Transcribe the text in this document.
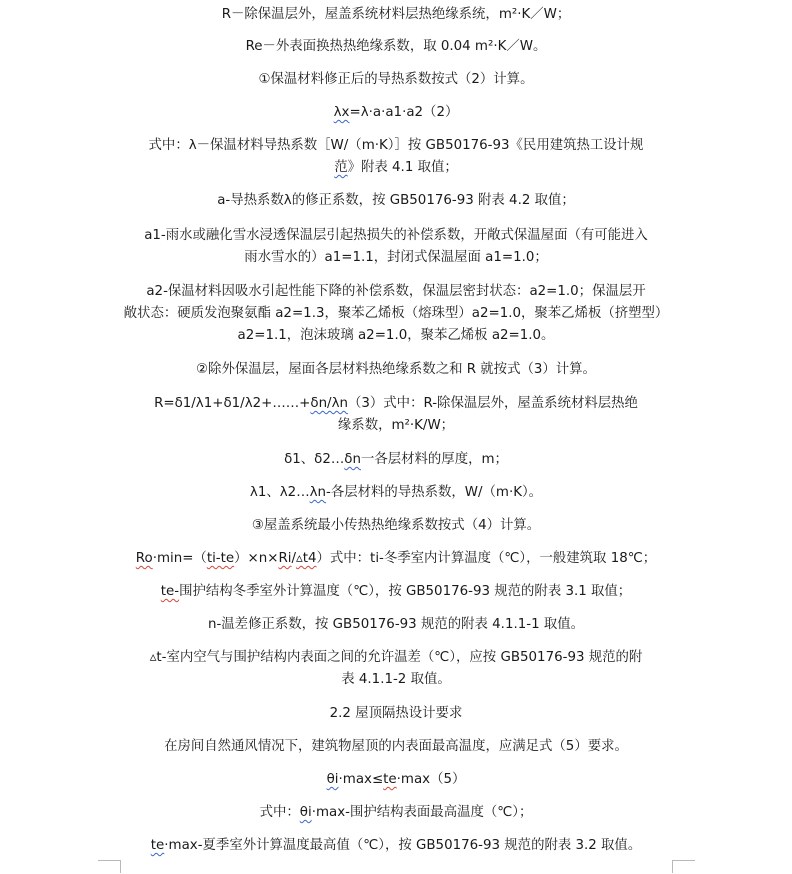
R－除保温层外，屋盖系统材料层热绝缘系统，m²·K／W；

Re－外表面换热热绝缘系数，取 0.04 m²·K／W。

①保温材料修正后的导热系数按式（2）计算。

λx=λ·a·a1·a2（2）

式中：λ－保温材料导热系数［W/（m·K）］按 GB50176-93《民用建筑热工设计规
范》附表 4.1 取值；

a-导热系数λ的修正系数，按 GB50176-93 附表 4.2 取值；

a1-雨水或融化雪水浸透保温层引起热损失的补偿系数，开敞式保温屋面（有可能进入
雨水雪水的）a1=1.1，封闭式保温屋面 a1=1.0；

a2-保温材料因吸水引起性能下降的补偿系数，保温层密封状态：a2=1.0；保温层开
敞状态：硬质发泡聚氨酯 a2=1.3，聚苯乙烯板（熔珠型）a2=1.0，聚苯乙烯板（挤塑型）
a2=1.1，泡沫玻璃 a2=1.0，聚苯乙烯板 a2=1.0。

②除外保温层，屋面各层材料热绝缘系数之和 R 就按式（3）计算。

R=δ1/λ1+δ1/λ2+……+δn/λn（3）式中：R-除保温层外，屋盖系统材料层热绝
缘系数，m²·K/W；

δ1、δ2…δn一各层材料的厚度，m；

λ1、λ2…λn-各层材料的导热系数，W/（m·K）。

③屋盖系统最小传热热绝缘系数按式（4）计算。

Ro·min=（ti-te）×n×Ri/▵t4）式中：ti-冬季室内计算温度（℃），一般建筑取 18℃；

te-围护结构冬季室外计算温度（℃），按 GB50176-93 规范的附表 3.1 取值；

n-温差修正系数，按 GB50176-93 规范的附表 4.1.1-1 取值。

▵t-室内空气与围护结构内表面之间的允许温差（℃），应按 GB50176-93 规范的附
表 4.1.1-2 取值。

2.2 屋顶隔热设计要求

在房间自然通风情况下，建筑物屋顶的内表面最高温度，应满足式（5）要求。

θi·max≤te·max（5）

式中：θi·max-围护结构表面最高温度（℃）；

te·max-夏季室外计算温度最高值（℃），按 GB50176-93 规范的附表 3.2 取值。
